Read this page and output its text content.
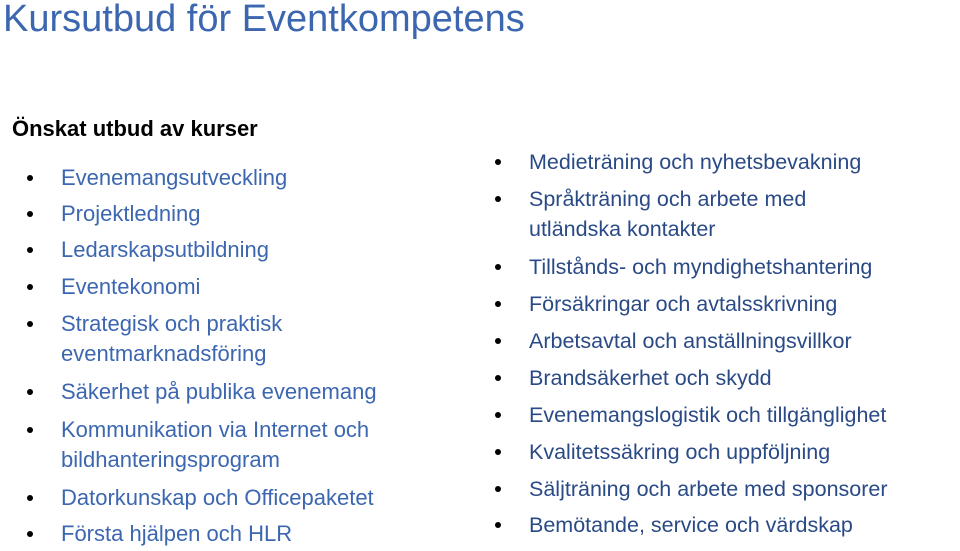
Kursutbud för Eventkompetens
Önskat utbud av kurser
Evenemangsutveckling
Projektledning
Ledarskapsutbildning
Eventekonomi
Strategisk och praktisk
eventmarknadsföring
Säkerhet på publika evenemang
Kommunikation via Internet och
bildhanteringsprogram
Datorkunskap och Officepaketet
Första hjälpen och HLR
Medieträning och nyhetsbevakning
Språkträning och arbete med
utländska kontakter
Tillstånds- och myndighetshantering
Försäkringar och avtalsskrivning
Arbetsavtal och anställningsvillkor
Brandsäkerhet och skydd
Evenemangslogistik och tillgänglighet
Kvalitetssäkring och uppföljning
Säljträning och arbete med sponsorer
Bemötande, service och värdskap
